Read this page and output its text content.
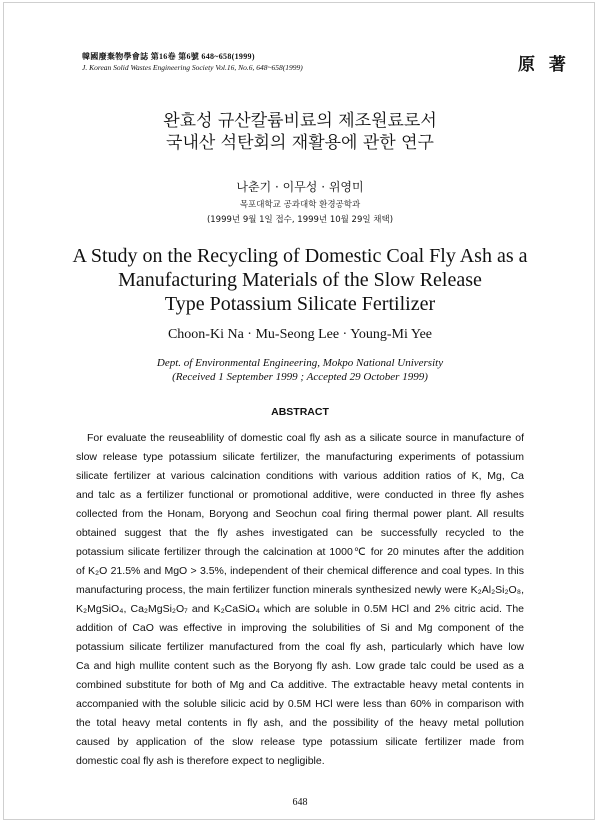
韓國廢棄物學會誌 第16卷 第6號 648~658(1999)
J. Korean Solid Wastes Engineering Society Vol.16, No.6, 648~658(1999)	原 著
완효성 규산칼륨비료의 제조원료로서
국내산 석탄회의 재활용에 관한 연구
나춘기 · 이무성 · 위영미
목포대학교 공과대학 환경공학과
(1999년 9월 1일 접수, 1999년 10월 29일 채택)
A Study on the Recycling of Domestic Coal Fly Ash as a
Manufacturing Materials of the Slow Release
Type Potassium Silicate Fertilizer
Choon-Ki Na · Mu-Seong Lee · Young-Mi Yee
Dept. of Environmental Engineering, Mokpo National University
(Received 1 September 1999 ; Accepted 29 October 1999)
ABSTRACT
For evaluate the reuseablility of domestic coal fly ash as a silicate source in manufacture of
slow release type potassium silicate fertilizer, the manufacturing experiments of potassium
silicate fertilizer at various calcination conditions with various addition ratios of K, Mg, Ca
and talc as a fertilizer functional or promotional additive, were conducted in three fly ashes
collected from the Honam, Boryong and Seochun coal firing thermal power plant. All results
obtained suggest that the fly ashes investigated can be successfully recycled to the
potassium silicate fertilizer through the calcination at 1000℃ for 20 minutes after the addition
of K₂O 21.5% and MgO > 3.5%, independent of their chemical difference and coal types. In this
manufacturing process, the main fertilizer function minerals synthesized newly were K₂Al₂Si₂O₈,
K₂MgSiO₄, Ca₂MgSi₂O₇ and K₂CaSiO₄ which are soluble in 0.5M HCl and 2% citric acid. The
addition of CaO was effective in improving the solubilities of Si and Mg component of the
potassium silicate fertilizer manufactured from the coal fly ash, particularly which have low
Ca and high mullite content such as the Boryong fly ash. Low grade talc could be used as a
combined substitute for both of Mg and Ca additive. The extractable heavy metal contents in
accompanied with the soluble silicic acid by 0.5M HCl were less than 60% in comparison with
the total heavy metal contents in fly ash, and the possibility of the heavy metal pollution
caused by application of the slow release type potassium silicate fertilizer made from
domestic coal fly ash is therefore expect to negligible.
648
